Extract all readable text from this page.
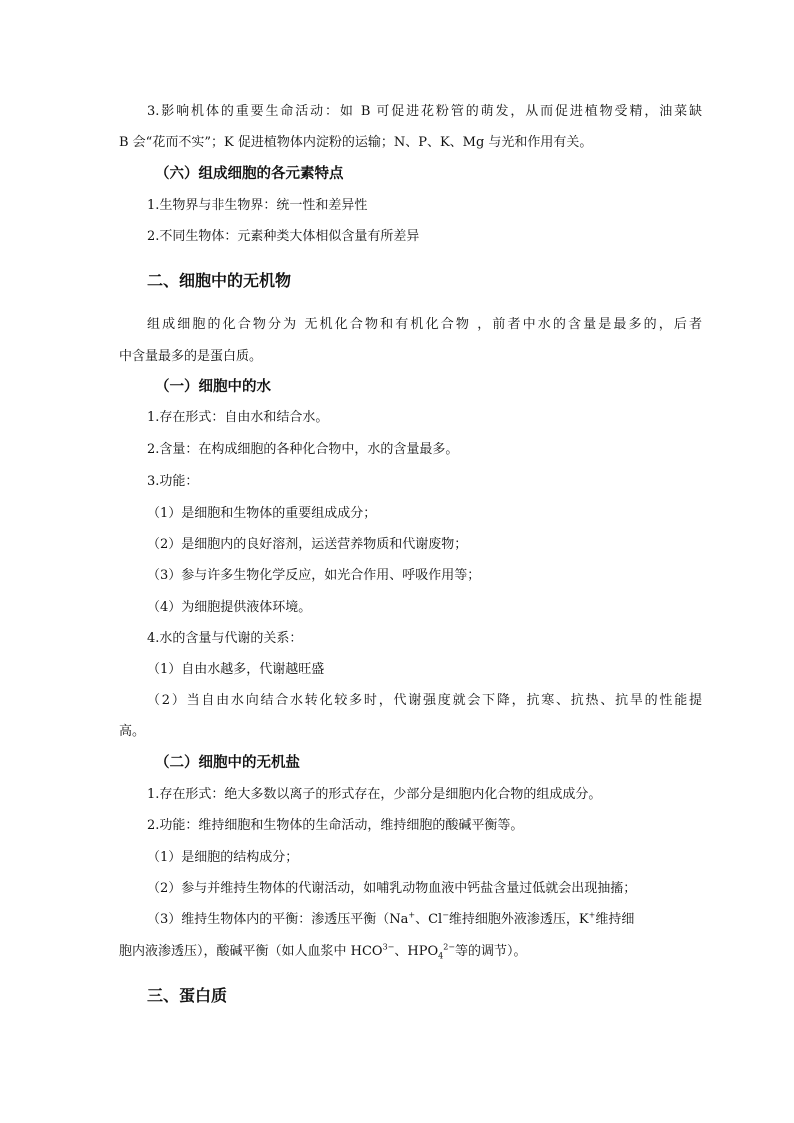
3.影响机体的重要生命活动：如 B 可促进花粉管的萌发，从而促进植物受精，油菜缺
B 会“花而不实”；K 促进植物体内淀粉的运输；N、P、K、Mg 与光和作用有关。
（六）组成细胞的各元素特点
1.生物界与非生物界：统一性和差异性
2.不同生物体：元素种类大体相似含量有所差异
二、细胞中的无机物
组成细胞的化合物分为 无机化合物和有机化合物 ，前者中水的含量是最多的，后者
中含量最多的是蛋白质。
（一）细胞中的水
1.存在形式：自由水和结合水。
2.含量：在构成细胞的各种化合物中，水的含量最多。
3.功能：
（1）是细胞和生物体的重要组成成分；
（2）是细胞内的良好溶剂，运送营养物质和代谢废物；
（3）参与许多生物化学反应，如光合作用、呼吸作用等；
（4）为细胞提供液体环境。
4.水的含量与代谢的关系：
（1）自由水越多，代谢越旺盛
（2）当自由水向结合水转化较多时，代谢强度就会下降，抗寒、抗热、抗旱的性能提
高。
（二）细胞中的无机盐
1.存在形式：绝大多数以离子的形式存在，少部分是细胞内化合物的组成成分。
2.功能：维持细胞和生物体的生命活动，维持细胞的酸碱平衡等。
（1）是细胞的结构成分；
（2）参与并维持生物体的代谢活动，如哺乳动物血液中钙盐含量过低就会出现抽搐；
（3）维持生物体内的平衡：渗透压平衡（Na+、Cl−维持细胞外液渗透压，K+维持细
胞内液渗透压），酸碱平衡（如人血浆中 $HCO^{3-}$、$HPO_4^{2-}$等的调节）。
三、蛋白质
